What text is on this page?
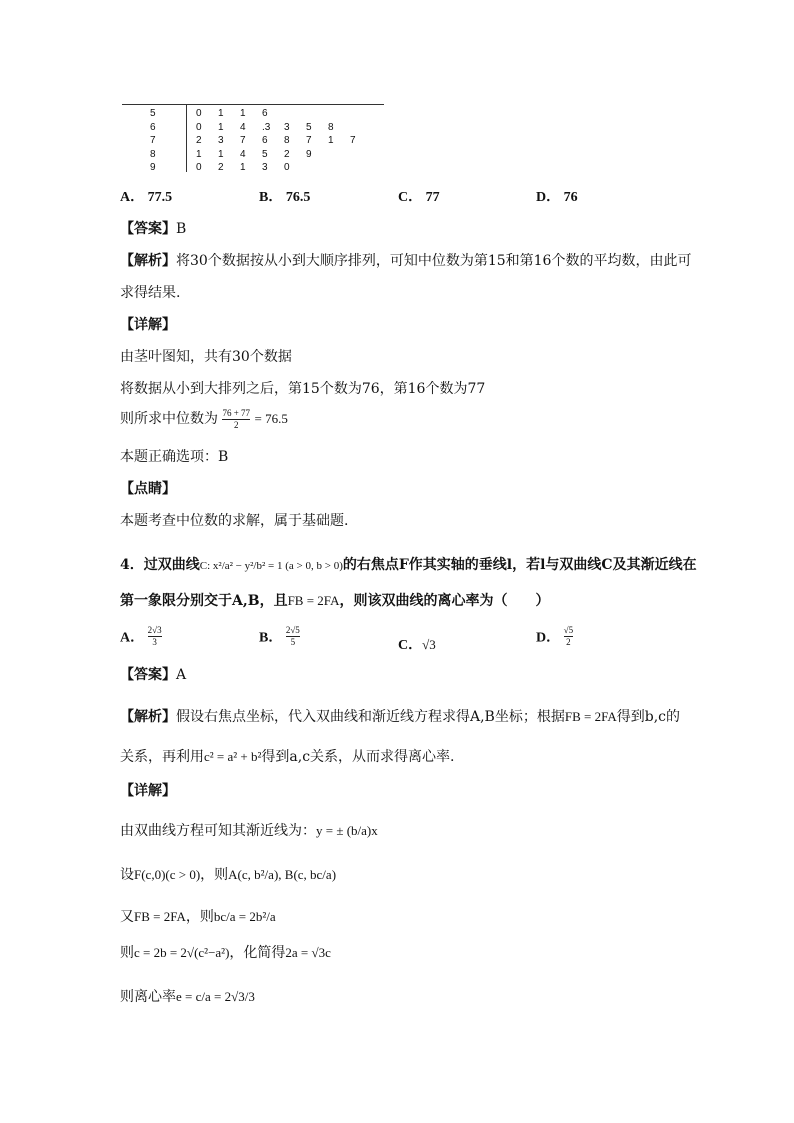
5	0 1 1 6
6	0 1 4 .3 3 5 8
7	2 3 7 6 8 7 1 7
8	1 1 4 5 2 9
9	0 2 1 3 0
A． 77.5	B． 76.5	C． 77	D． 76
【答案】B
【解析】将30个数据按从小到大顺序排列，可知中位数为第15和第16个数的平均数，由此可
求得结果.
【详解】
由茎叶图知，共有30个数据
将数据从小到大排列之后，第15个数为76，第16个数为77
则所求中位数为 $\frac{76 + 77}{2} = 76.5$
本题正确选项：B
【点睛】
本题考查中位数的求解，属于基础题.
4．过双曲线C: x²/a² − y²/b² = 1 (a > 0, b > 0)的右焦点F作其实轴的垂线l，若l与双曲线C及其渐近线在
第一象限分别交于A,B，且FB = 2FA，则该双曲线的离心率为（　　）
A． $\frac{2√3}{3}$	B． $\frac{2√5}{5}$	C．√3	D． $\frac{√5}{2}$
【答案】A
【解析】假设右焦点坐标，代入双曲线和渐近线方程求得A,B坐标；根据FB = 2FA得到b,c的
关系，再利用c² = a² + b²得到a,c关系，从而求得离心率.
【详解】
由双曲线方程可知其渐近线为：y = ± (b/a)x
设F(c,0)(c > 0)，则A(c, b²/a), B(c, bc/a)
又FB = 2FA，则bc/a = 2b²/a
则c = 2b = 2√(c²−a²)，化简得2a = √3c
则离心率e = c/a = 2√3/3
